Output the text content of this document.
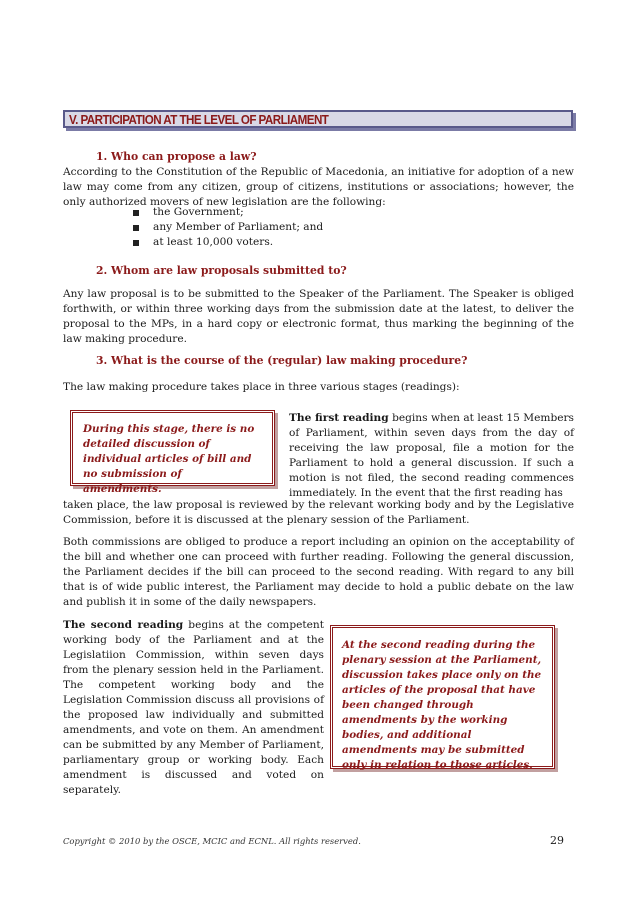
V. PARTICIPATION AT THE LEVEL OF PARLIAMENT
1. Who can propose a law?
According to the Constitution of the Republic of Macedonia, an initiative for adoption of a new law may come from any citizen, group of citizens, institutions or associations; however, the only authorized movers of new legislation are the following:
the Government;
any Member of Parliament; and
at least 10,000 voters.
2. Whom are law proposals submitted to?
Any law proposal is to be submitted to the Speaker of the Parliament. The Speaker is obliged forthwith, or within three working days from the submission date at the latest, to deliver the proposal to the MPs, in a hard copy or electronic format, thus marking the beginning of the law making procedure.
3. What is the course of the (regular) law making procedure?
The law making procedure takes place in three various stages (readings):
During this stage, there is no detailed discussion of individual articles of bill and no submission of amendments.
The first reading begins when at least 15 Members of Parliament, within seven days from the day of receiving the law proposal, file a motion for the Parliament to hold a general discussion. If such a motion is not filed, the second reading commences immediately. In the event that the first reading has
taken place, the law proposal is reviewed by the relevant working body and by the Legislative Commission, before it is discussed at the plenary session of the Parliament.
Both commissions are obliged to produce a report including an opinion on the acceptability of the bill and whether one can proceed with further reading. Following the general discussion, the Parliament decides if the bill can proceed to the second reading. With regard to any bill that is of wide public interest, the Parliament may decide to hold a public debate on the law and publish it in some of the daily newspapers.
The second reading begins at the competent working body of the Parliament and at the Legislatiion Commission, within seven days from the plenary session held in the Parliament. The competent working body and the Legislation Commission discuss all provisions of the proposed law individually and submitted amendments, and vote on them. An amendment can be submitted by any Member of Parliament, parliamentary group or working body. Each amendment is discussed and voted on separately.
At the second reading during the plenary session at the Parliament, discussion takes place only on the articles of the proposal that have been changed through amendments by the working bodies, and additional amendments may be submitted only in relation to those articles.
Copyright © 2010 by the OSCE, MCIC and ECNL. All rights reserved.	29
